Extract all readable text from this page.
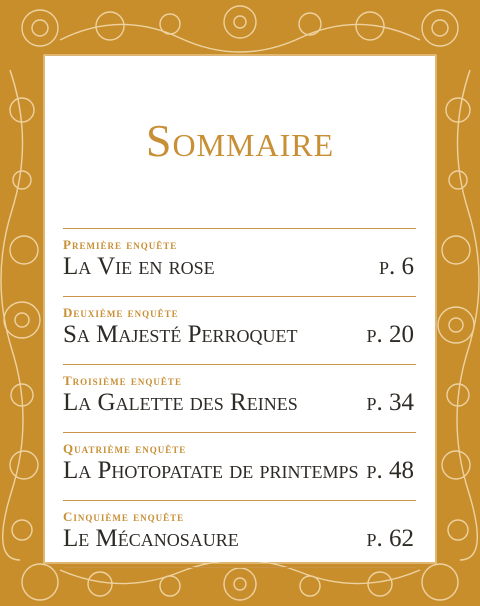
Sommaire
Première enquête
La Vie en rose	p. 6
Deuxième enquête
Sa Majesté Perroquet	p. 20
Troisième enquête
La Galette des Reines	p. 34
Quatrième enquête
La Photopatate de printemps p. 48
Cinquième enquête
Le Mécanosaure	p. 62
